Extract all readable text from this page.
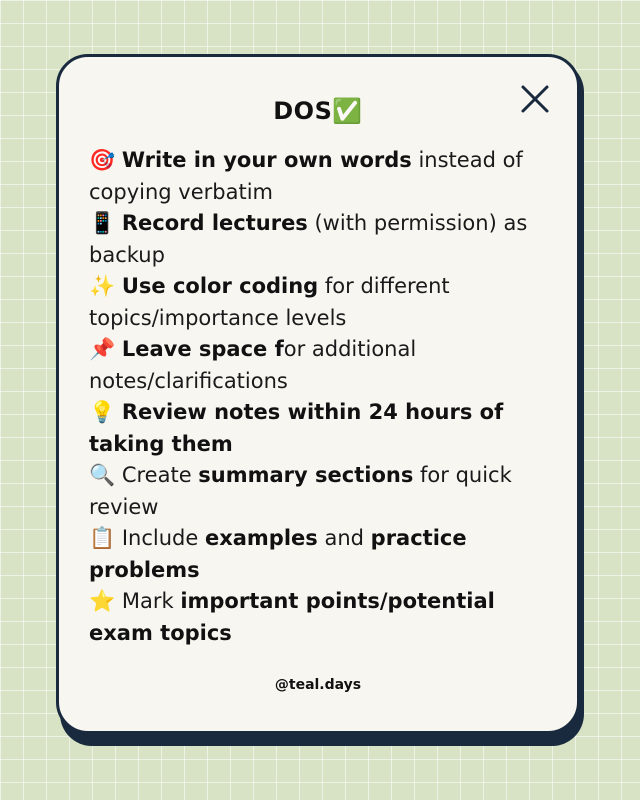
DOS✅
🎯 Write in your own words instead of copying verbatim
📱 Record lectures (with permission) as backup
✨ Use color coding for different topics/importance levels
📌 Leave space for additional notes/clarifications
💡 Review notes within 24 hours of taking them
🔍 Create summary sections for quick review
📋 Include examples and practice problems
⭐ Mark important points/potential exam topics
@teal.days
